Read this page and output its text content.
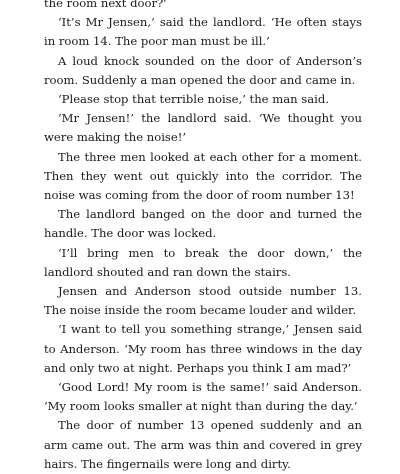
the room next door?'

‘It’s Mr Jensen,’ said the landlord. ‘He often stays in room 14. The poor man must be ill.’

A loud knock sounded on the door of Anderson’s room. Suddenly a man opened the door and came in.

‘Please stop that terrible noise,’ the man said.

‘Mr Jensen!’ the landlord said. ‘We thought you were making the noise!’

The three men looked at each other for a moment. Then they went out quickly into the corridor. The noise was coming from the door of room number 13!

The landlord banged on the door and turned the handle. The door was locked.

‘I’ll bring men to break the door down,’ the landlord shouted and ran down the stairs.

Jensen and Anderson stood outside number 13. The noise inside the room became louder and wilder.

‘I want to tell you something strange,’ Jensen said to Anderson. ‘My room has three windows in the day and only two at night. Perhaps you think I am mad?’

‘Good Lord! My room is the same!’ said Anderson. ‘My room looks smaller at night than during the day.’

The door of number 13 opened suddenly and an arm came out. The arm was thin and covered in grey hairs. The fingernails were long and dirty.
